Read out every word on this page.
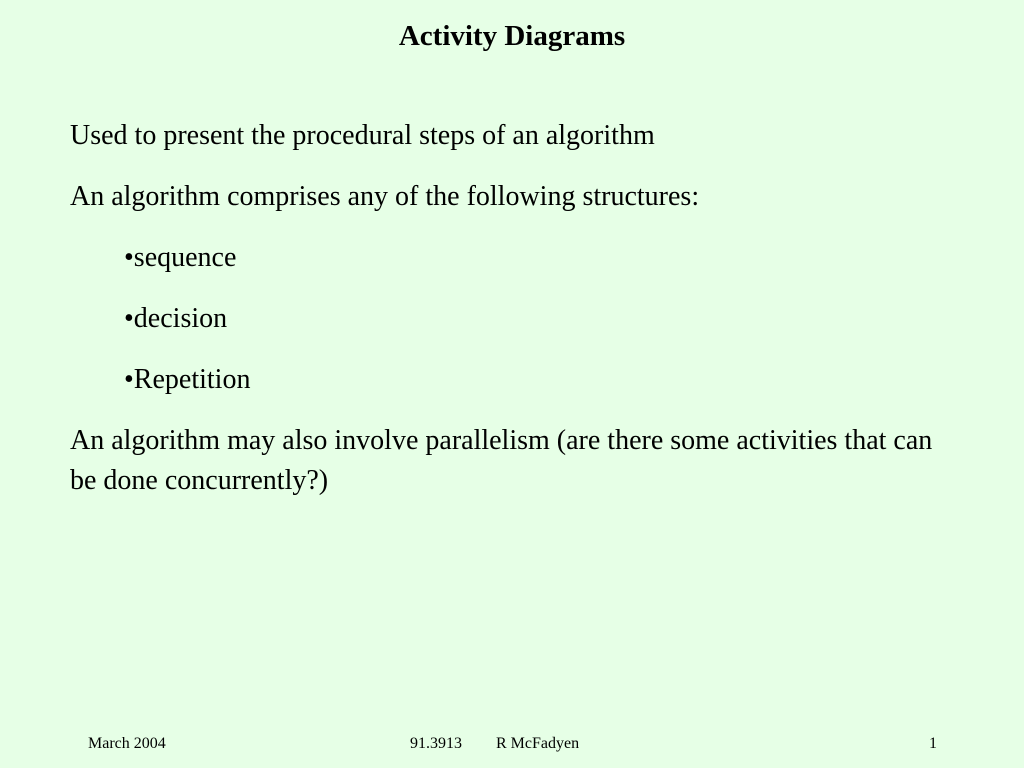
Activity Diagrams

Used to present the procedural steps of an algorithm

An algorithm comprises any of the following structures:

•sequence

•decision

•Repetition

An algorithm may also involve parallelism (are there some activities that can be done concurrently?)

March 2004	91.3913 R McFadyen	1
